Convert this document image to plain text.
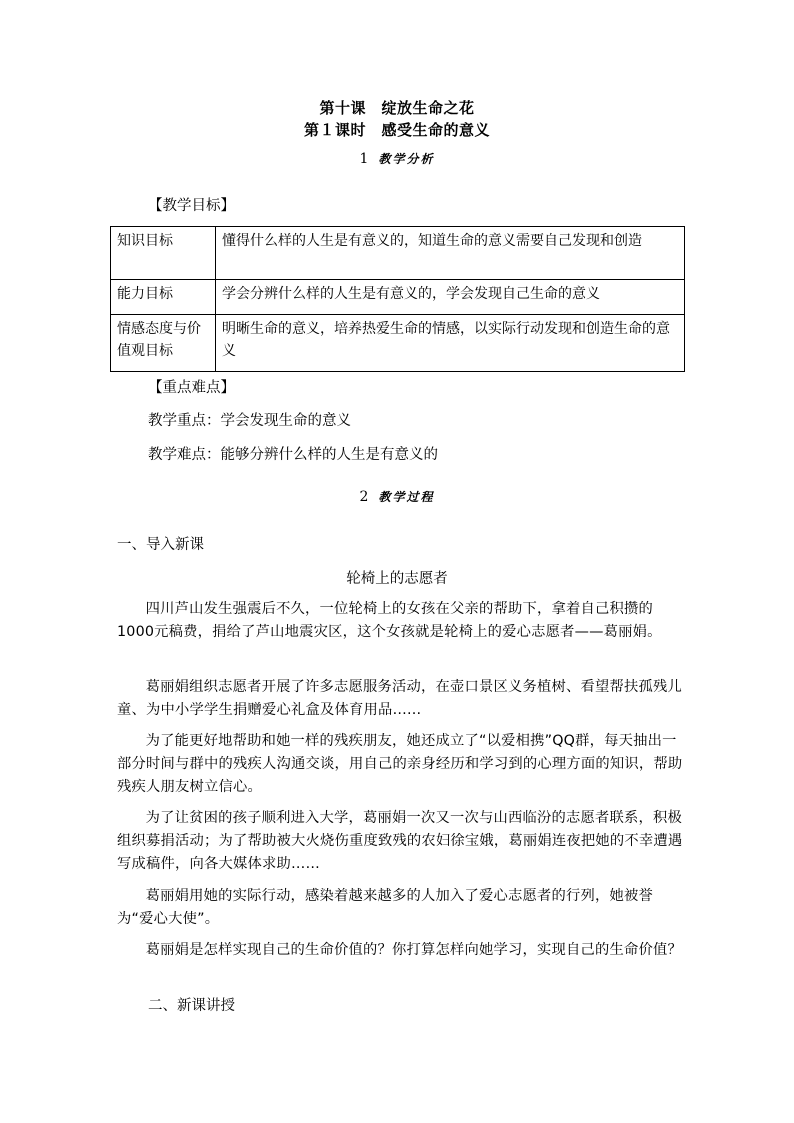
第十课　绽放生命之花
第１课时　感受生命的意义
1 教学分析
【教学目标】
知识目标	懂得什么样的人生是有意义的，知道生命的意义需要自己发现和创造
能力目标	学会分辨什么样的人生是有意义的，学会发现自己生命的意义
情感态度与价值观目标	明晰生命的意义，培养热爱生命的情感，以实际行动发现和创造生命的意义
【重点难点】
教学重点：学会发现生命的意义
教学难点：能够分辨什么样的人生是有意义的
2 教学过程
一、导入新课
轮椅上的志愿者
四川芦山发生强震后不久，一位轮椅上的女孩在父亲的帮助下，拿着自己积攒的1000元稿费，捐给了芦山地震灾区，这个女孩就是轮椅上的爱心志愿者——葛丽娟。
葛丽娟组织志愿者开展了许多志愿服务活动，在壶口景区义务植树、看望帮扶孤残儿童、为中小学学生捐赠爱心礼盒及体育用品……
为了能更好地帮助和她一样的残疾朋友，她还成立了“以爱相携”QQ群，每天抽出一部分时间与群中的残疾人沟通交谈，用自己的亲身经历和学习到的心理方面的知识，帮助残疾人朋友树立信心。
为了让贫困的孩子顺利进入大学，葛丽娟一次又一次与山西临汾的志愿者联系，积极组织募捐活动；为了帮助被大火烧伤重度致残的农妇徐宝娥，葛丽娟连夜把她的不幸遭遇写成稿件，向各大媒体求助……
葛丽娟用她的实际行动，感染着越来越多的人加入了爱心志愿者的行列，她被誉为“爱心大使”。
葛丽娟是怎样实现自己的生命价值的？你打算怎样向她学习，实现自己的生命价值？
二、新课讲授
